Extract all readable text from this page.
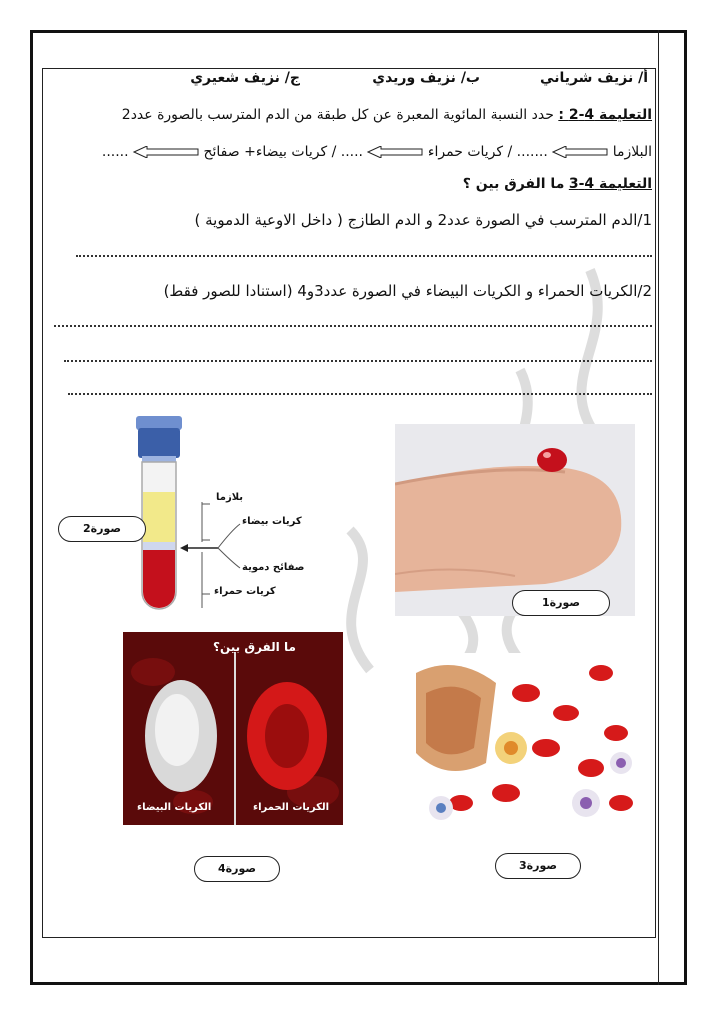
أ/ نزيف شرياني
ب/ نزيف وريدي
ج/ نزيف شعيري
التعليمة 4-2 : حدد النسبة المائوية المعبرة عن كل طبقة من الدم المترسب بالصورة عدد2
البلازما  ....... / كريات حمراء  ..... / كريات بيضاء+ صفائح  ......
التعليمة 4-3 ما الفرق بين ؟
1/الدم المترسب في الصورة عدد2 و الدم الطازج ( داخل الاوعية الدموية )
2/الكريات الحمراء و الكريات البيضاء في الصورة عدد3و4 (استنادا للصور فقط)
بلازما
كريات بيضاء
صفائح دموية
كريات حمراء
صورة2
صورة1
ما الفرق بين؟
الكريات البيضاء	الكريات الحمراء
صورة4	صورة3
